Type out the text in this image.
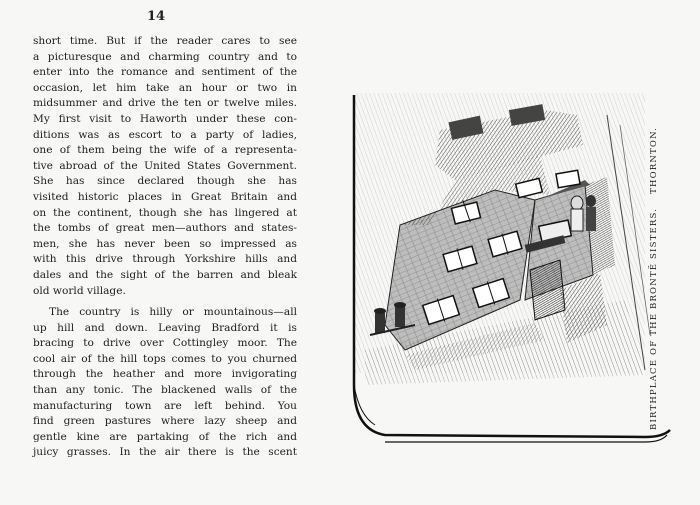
14
short time. But if the reader cares to see
a picturesque and charming country and to
enter into the romance and sentiment of the
occasion, let him take an hour or two in
midsummer and drive the ten or twelve miles.
My first visit to Haworth under these con-
ditions was as escort to a party of ladies,
one of them being the wife of a representa-
tive abroad of the United States Government.
She has since declared though she has
visited historic places in Great Britain and
on the continent, though she has lingered at
the tombs of great men—authors and states-
men, she has never been so impressed as
with this drive through Yorkshire hills and
dales and the sight of the barren and bleak
old world village.
The country is hilly or mountainous—all
up hill and down. Leaving Bradford it is
bracing to drive over Cottingley moor. The
cool air of the hill tops comes to you churned
through the heather and more invigorating
than any tonic. The blackened walls of the
manufacturing town are left behind. You
find green pastures where lazy sheep and
gentle kine are partaking of the rich and
juicy grasses. In the air there is the scent
BIRTHPLACE OF THE BRONTË SISTERS.THORNTON.
